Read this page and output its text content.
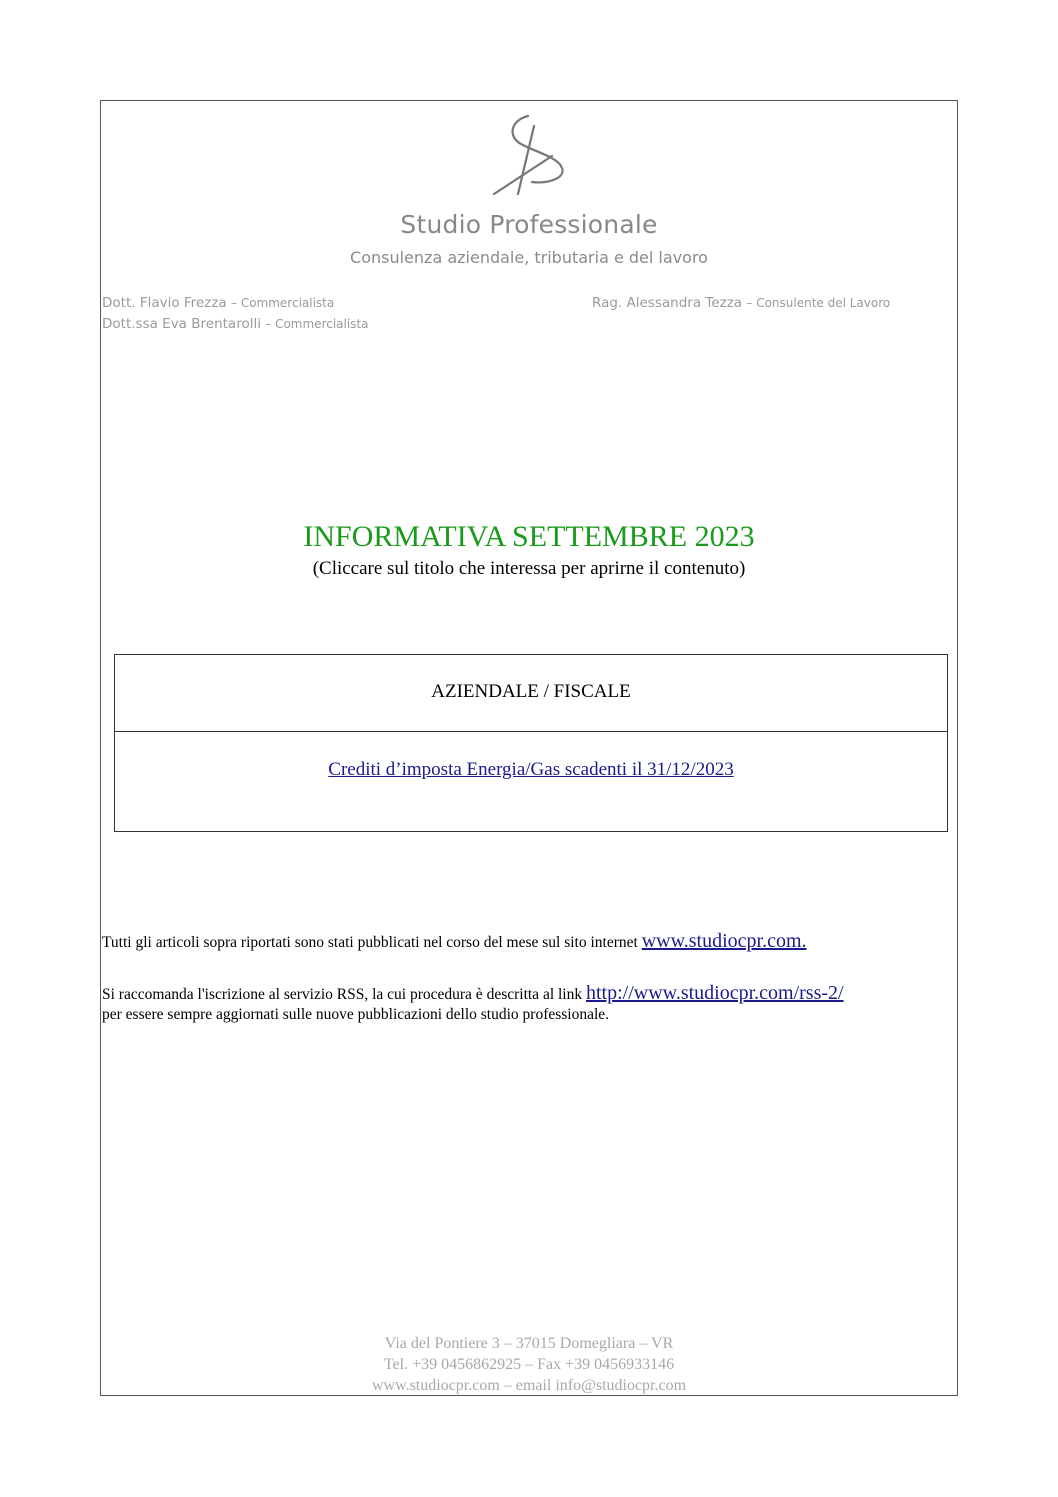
Studio Professionale
Consulenza aziendale, tributaria e del lavoro
Dott. Flavio Frezza – Commercialista
Dott.ssa Eva Brentarolli – Commercialista
Rag. Alessandra Tezza – Consulente del Lavoro
INFORMATIVA SETTEMBRE 2023
(Cliccare sul titolo che interessa per aprirne il contenuto)
AZIENDALE / FISCALE
Crediti d’imposta Energia/Gas scadenti il 31/12/2023
Tutti gli articoli sopra riportati sono stati pubblicati nel corso del mese sul sito internet www.studiocpr.com.
Si raccomanda l'iscrizione al servizio RSS, la cui procedura è descritta al link http://www.studiocpr.com/rss-2/
per essere sempre aggiornati sulle nuove pubblicazioni dello studio professionale.
Via del Pontiere 3 – 37015 Domegliara – VR
Tel. +39 0456862925 – Fax +39 0456933146
www.studiocpr.com – email info@studiocpr.com
